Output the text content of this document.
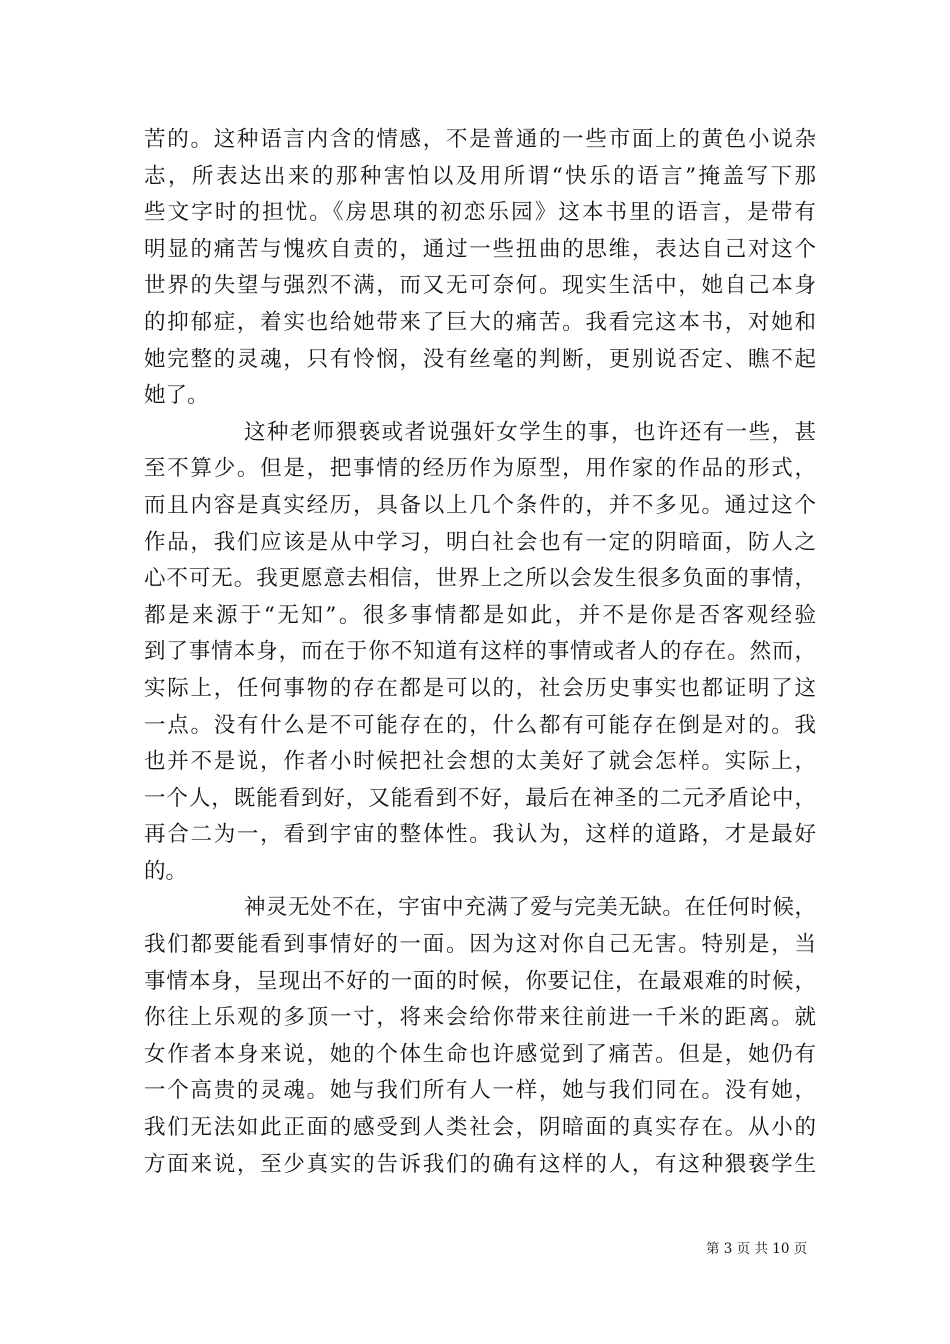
苦的。这种语言内含的情感，不是普通的一些市面上的黄色小说杂
志，所表达出来的那种害怕以及用所谓“快乐的语言”掩盖写下那
些文字时的担忧。《房思琪的初恋乐园》这本书里的语言，是带有
明显的痛苦与愧疚自责的，通过一些扭曲的思维，表达自己对这个
世界的失望与强烈不满，而又无可奈何。现实生活中，她自己本身
的抑郁症，着实也给她带来了巨大的痛苦。我看完这本书，对她和
她完整的灵魂，只有怜悯，没有丝毫的判断，更别说否定、瞧不起
她了。
这种老师猥亵或者说强奸女学生的事，也许还有一些，甚
至不算少。但是，把事情的经历作为原型，用作家的作品的形式，
而且内容是真实经历，具备以上几个条件的，并不多见。通过这个
作品，我们应该是从中学习，明白社会也有一定的阴暗面，防人之
心不可无。我更愿意去相信，世界上之所以会发生很多负面的事情，
都是来源于“无知”。很多事情都是如此，并不是你是否客观经验
到了事情本身，而在于你不知道有这样的事情或者人的存在。然而，
实际上，任何事物的存在都是可以的，社会历史事实也都证明了这
一点。没有什么是不可能存在的，什么都有可能存在倒是对的。我
也并不是说，作者小时候把社会想的太美好了就会怎样。实际上，
一个人，既能看到好，又能看到不好，最后在神圣的二元矛盾论中，
再合二为一，看到宇宙的整体性。我认为，这样的道路，才是最好
的。
神灵无处不在，宇宙中充满了爱与完美无缺。在任何时候，
我们都要能看到事情好的一面。因为这对你自己无害。特别是，当
事情本身，呈现出不好的一面的时候，你要记住，在最艰难的时候，
你往上乐观的多顶一寸，将来会给你带来往前进一千米的距离。就
女作者本身来说，她的个体生命也许感觉到了痛苦。但是，她仍有
一个高贵的灵魂。她与我们所有人一样，她与我们同在。没有她，
我们无法如此正面的感受到人类社会，阴暗面的真实存在。从小的
方面来说，至少真实的告诉我们的确有这样的人，有这种猥亵学生
第 3 页 共 10 页
